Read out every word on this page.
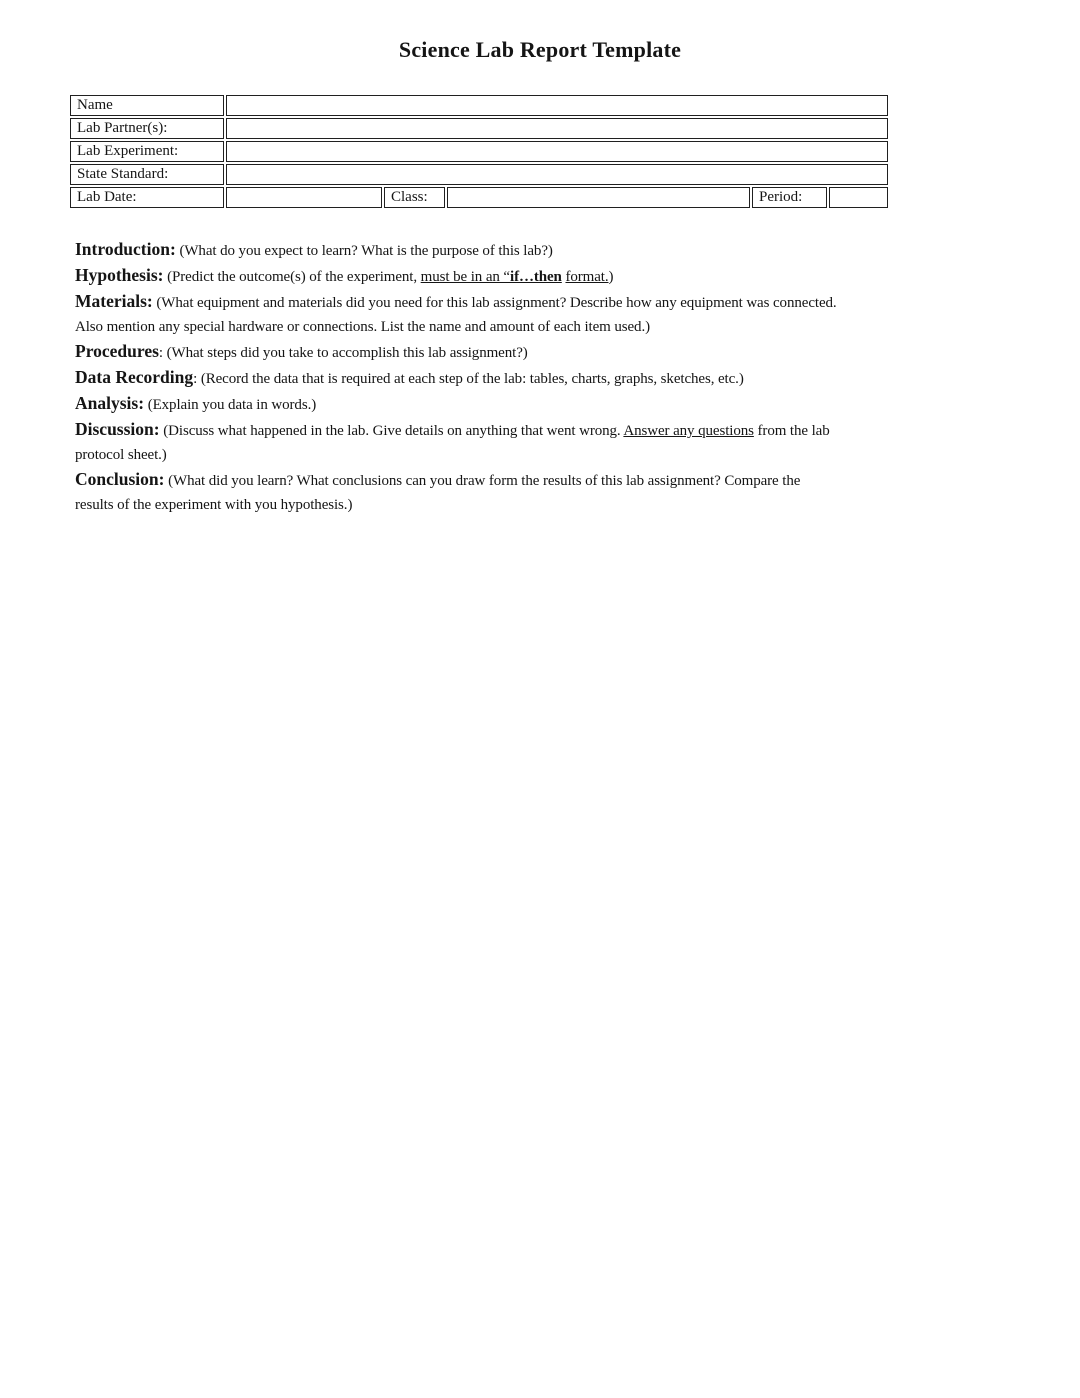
Science Lab Report Template
Name					
Lab Partner(s):					
Lab Experiment:					
State Standard:					
Lab Date:		Class:		Period:	

Introduction: (What do you expect to learn? What is the purpose of this lab?)

Hypothesis: (Predict the outcome(s) of the experiment, must be in an “if…then format.)

Materials: (What equipment and materials did you need for this lab assignment? Describe how any equipment was connected.
Also mention any special hardware or connections. List the name and amount of each item used.)

Procedures: (What steps did you take to accomplish this lab assignment?)

Data Recording: (Record the data that is required at each step of the lab: tables, charts, graphs, sketches, etc.)

Analysis: (Explain you data in words.)

Discussion: (Discuss what happened in the lab. Give details on anything that went wrong. Answer any questions from the lab
protocol sheet.)

Conclusion: (What did you learn? What conclusions can you draw form the results of this lab assignment? Compare the
results of the experiment with you hypothesis.)
